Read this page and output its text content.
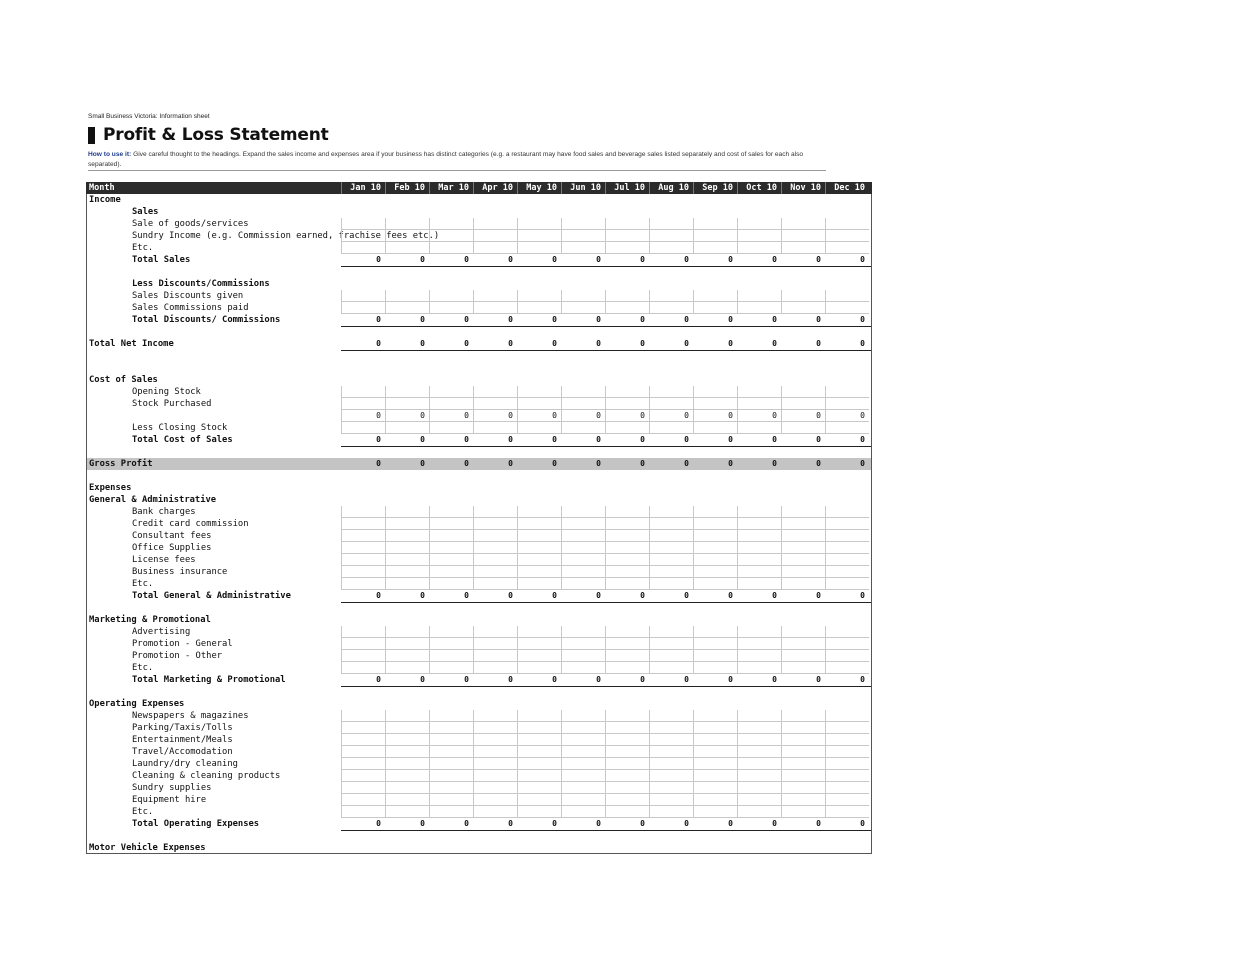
Small Business Victoria: Information sheet
Profit & Loss Statement
How to use it: Give careful thought to the headings. Expand the sales income and expenses area if your business has distinct categories (e.g. a restaurant may have food sales and beverage sales listed separately and cost of sales for each also separated).
Month	Jan 10	Feb 10	Mar 10	Apr 10	May 10	Jun 10	Jul 10	Aug 10	Sep 10	Oct 10	Nov 10	Dec 10
Income
Sales
Sale of goods/services
Sundry Income (e.g. Commission earned, frachise fees etc.)
Etc.
Total Sales	0	0	0	0	0	0	0	0	0	0	0	0
Less Discounts/Commissions
Sales Discounts given
Sales Commissions paid
Total Discounts/ Commissions	0	0	0	0	0	0	0	0	0	0	0	0
Total Net Income	0	0	0	0	0	0	0	0	0	0	0	0
Cost of Sales
Opening Stock
Stock Purchased
0	0	0	0	0	0	0	0	0	0	0	0
Less Closing Stock
Total Cost of Sales	0	0	0	0	0	0	0	0	0	0	0	0
Gross Profit	0	0	0	0	0	0	0	0	0	0	0	0
Expenses
General & Administrative
Bank charges
Credit card commission
Consultant fees
Office Supplies
License fees
Business insurance
Etc.
Total General & Administrative	0	0	0	0	0	0	0	0	0	0	0	0
Marketing & Promotional
Advertising
Promotion - General
Promotion - Other
Etc.
Total Marketing & Promotional	0	0	0	0	0	0	0	0	0	0	0	0
Operating Expenses
Newspapers & magazines
Parking/Taxis/Tolls
Entertainment/Meals
Travel/Accomodation
Laundry/dry cleaning
Cleaning & cleaning products
Sundry supplies
Equipment hire
Etc.
Total Operating Expenses	0	0	0	0	0	0	0	0	0	0	0	0
Motor Vehicle Expenses
